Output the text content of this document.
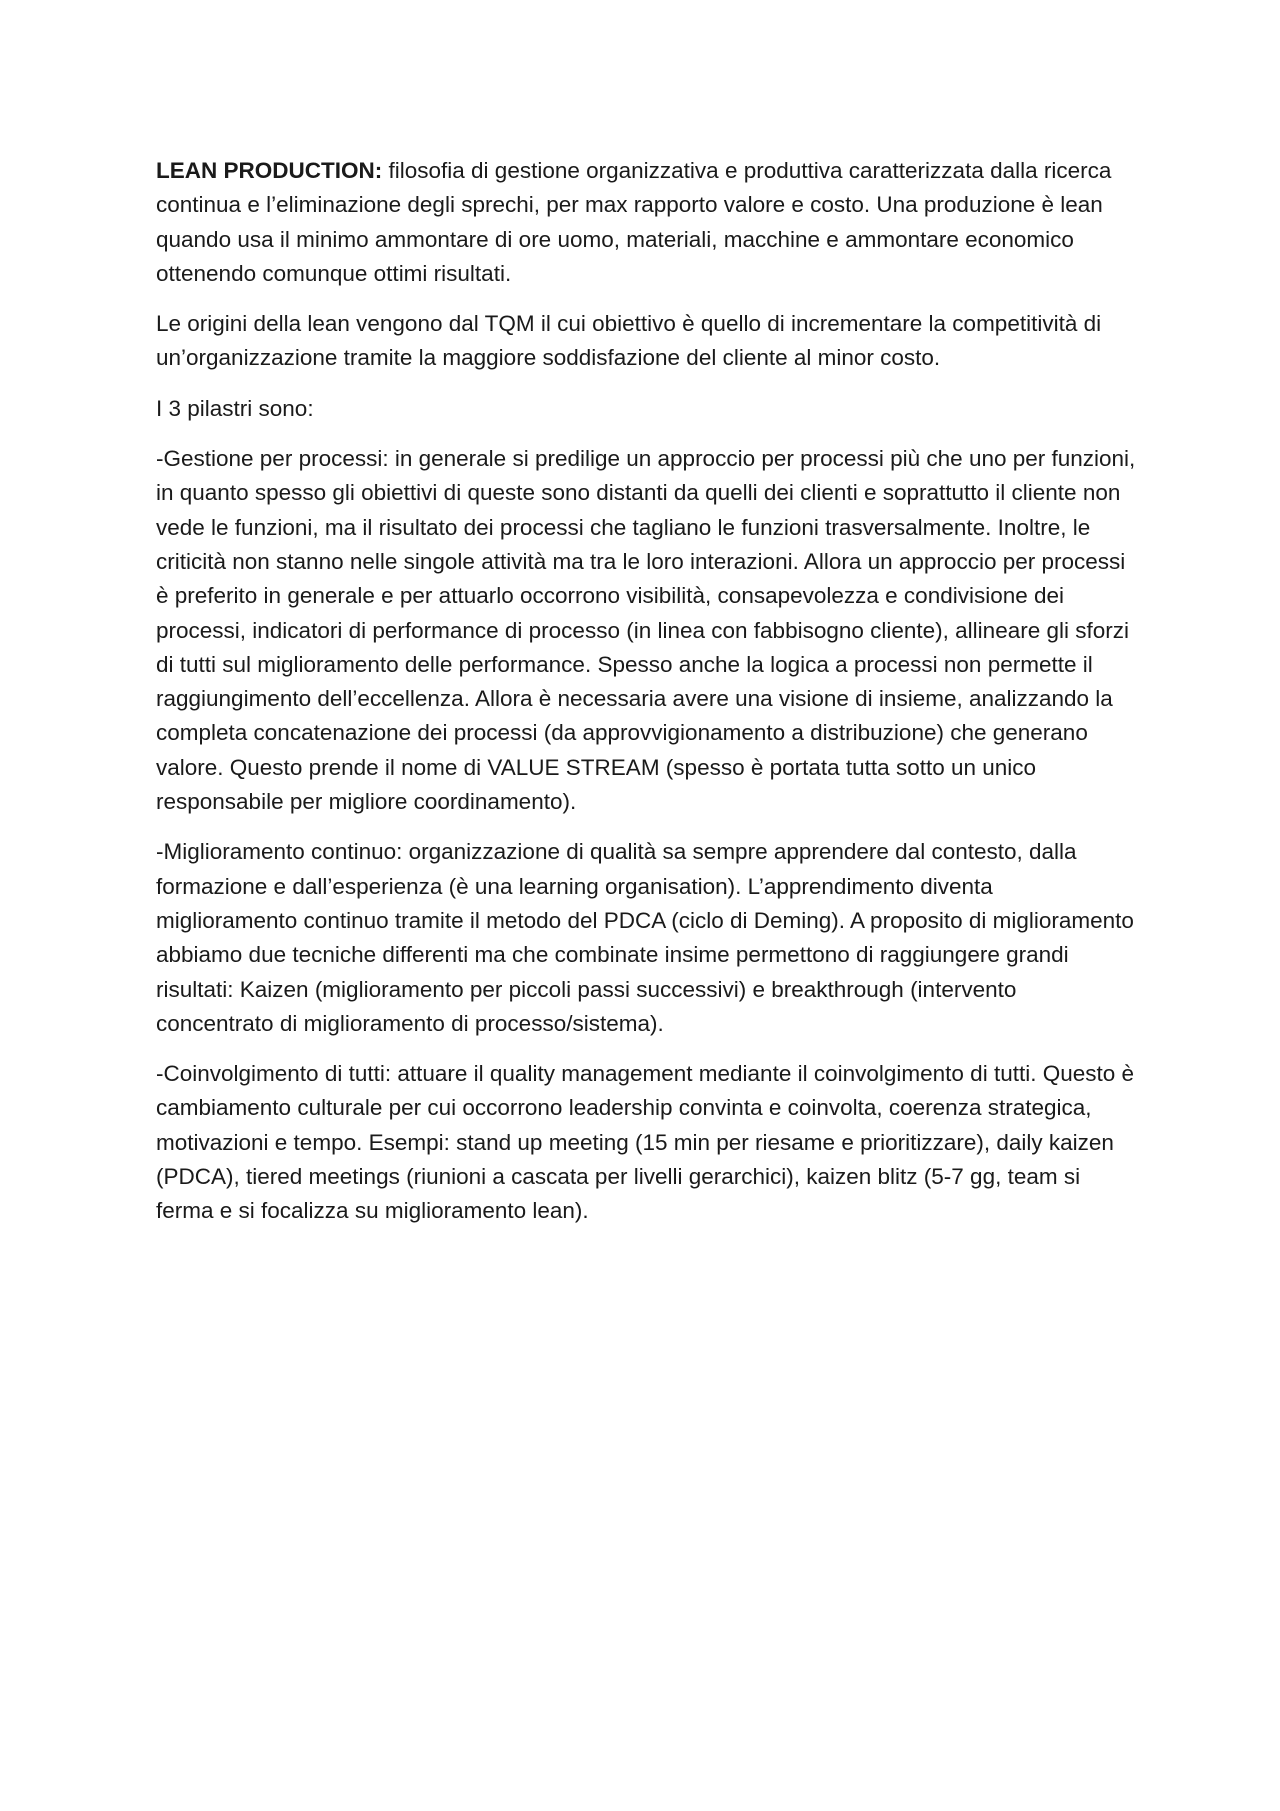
LEAN PRODUCTION: filosofia di gestione organizzativa e produttiva caratterizzata dalla ricerca continua e l’eliminazione degli sprechi, per max rapporto valore e costo. Una produzione è lean quando usa il minimo ammontare di ore uomo, materiali, macchine e ammontare economico ottenendo comunque ottimi risultati.

Le origini della lean vengono dal TQM il cui obiettivo è quello di incrementare la competitività di un’organizzazione tramite la maggiore soddisfazione del cliente al minor costo.

I 3 pilastri sono:

-Gestione per processi: in generale si predilige un approccio per processi più che uno per funzioni, in quanto spesso gli obiettivi di queste sono distanti da quelli dei clienti e soprattutto il cliente non vede le funzioni, ma il risultato dei processi che tagliano le funzioni trasversalmente. Inoltre, le criticità non stanno nelle singole attività ma tra le loro interazioni. Allora un approccio per processi è preferito in generale e per attuarlo occorrono visibilità, consapevolezza e condivisione dei processi, indicatori di performance di processo (in linea con fabbisogno cliente), allineare gli sforzi di tutti sul miglioramento delle performance. Spesso anche la logica a processi non permette il raggiungimento dell’eccellenza. Allora è necessaria avere una visione di insieme, analizzando la completa concatenazione dei processi (da approvvigionamento a distribuzione) che generano valore. Questo prende il nome di VALUE STREAM (spesso è portata tutta sotto un unico responsabile per migliore coordinamento).

-Miglioramento continuo: organizzazione di qualità sa sempre apprendere dal contesto, dalla formazione e dall’esperienza (è una learning organisation). L’apprendimento diventa miglioramento continuo tramite il metodo del PDCA (ciclo di Deming). A proposito di miglioramento abbiamo due tecniche differenti ma che combinate insime permettono di raggiungere grandi risultati: Kaizen (miglioramento per piccoli passi successivi) e breakthrough (intervento concentrato di miglioramento di processo/sistema).

-Coinvolgimento di tutti: attuare il quality management mediante il coinvolgimento di tutti. Questo è cambiamento culturale per cui occorrono leadership convinta e coinvolta, coerenza strategica, motivazioni e tempo. Esempi: stand up meeting (15 min per riesame e prioritizzare), daily kaizen (PDCA), tiered meetings (riunioni a cascata per livelli gerarchici), kaizen blitz (5-7 gg, team si ferma e si focalizza su miglioramento lean).
